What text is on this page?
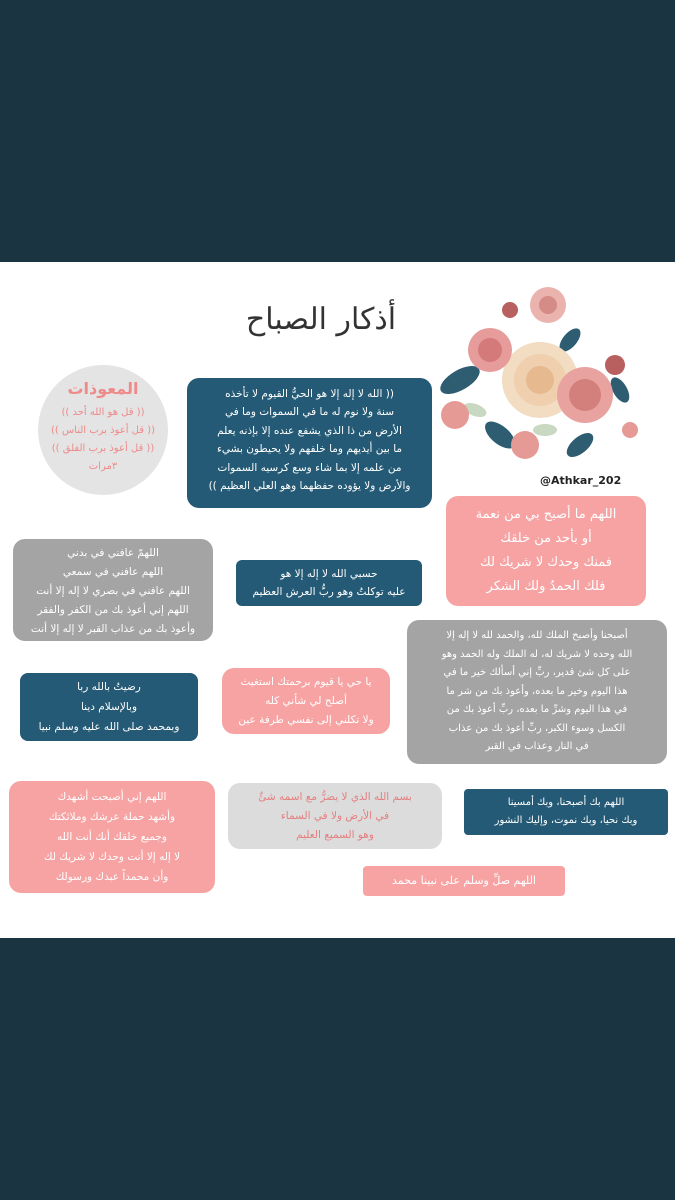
@Athkar_202
أذكار الصباح
المعوذات
(( قل هو الله أحد ))
(( قل أعوذ برب الناس ))
(( قل أعوذ برب الفلق ))
٣مرات
(( الله لا إله إلا هو الحيُّ القيوم لا تأخذه
سنة ولا نوم له ما في السموات وما في
الأرض من ذا الذي يشفع عنده إلا بإذنه يعلم
ما بين أيديهم وما خلفهم ولا يحيطون بشيء
من علمه إلا بما شاء وسع كرسيه السموات
والأرض ولا يؤوده حفظهما وهو العلي العظيم ))
اللهم ما أصبح بي من نعمة
أو بأحد من خلقك
فمنك وحدك لا شريك لك
فلك الحمدُ ولك الشكر
اللهمّ عافني في بدني
اللهم عافني في سمعي
اللهم عافني في بصري لا إله إلا أنت
اللهم إني أعوذ بك من الكفر والفقر
وأعوذ بك من عذاب القبر لا إله إلا أنت
حسبي الله لا إله إلا هو
عليه توكلتُ وهو ربُّ العرش العظيم
أصبحنا وأصبح الملك لله، والحمد لله لا إله إلا
الله وحده لا شريك له، له الملك وله الحمد وهو
على كل شئ قدير، ربِّ إني أسألك خير ما في
هذا اليوم وخير ما بعده، وأعوذ بك من شر ما
في هذا اليوم وشرِّ ما بعده، ربِّ أعوذ بك من
الكسل وسوء الكبر، ربِّ أعوذ بك من عذاب
في النار وعذاب في القبر
رضيتُ بالله ربا
وبالإسلام دينا
وبمحمد صلى الله عليه وسلم نبيا
يا حي يا قيوم برحمتك استغيث
أصلح لي شأني كله
ولا تكلني إلى نفسي طرفة عين
اللهم إني أصبحت أشهدك
وأشهد حملة عرشك وملائكتك
وجميع خلقك أنك أنت الله
لا إله إلا أنت وحدك لا شريك لك
وأن محمداً عبدك ورسولك
بسم الله الذي لا يضرُّ مع اسمه شئٌ
في الأرض ولا في السماء
وهو السميع العليم
اللهم بك أصبحنا، وبك أمسينا
وبك نحيا، وبك نموت، وإليك النشور
اللهم صلِّ وسلم على نبينا محمد
